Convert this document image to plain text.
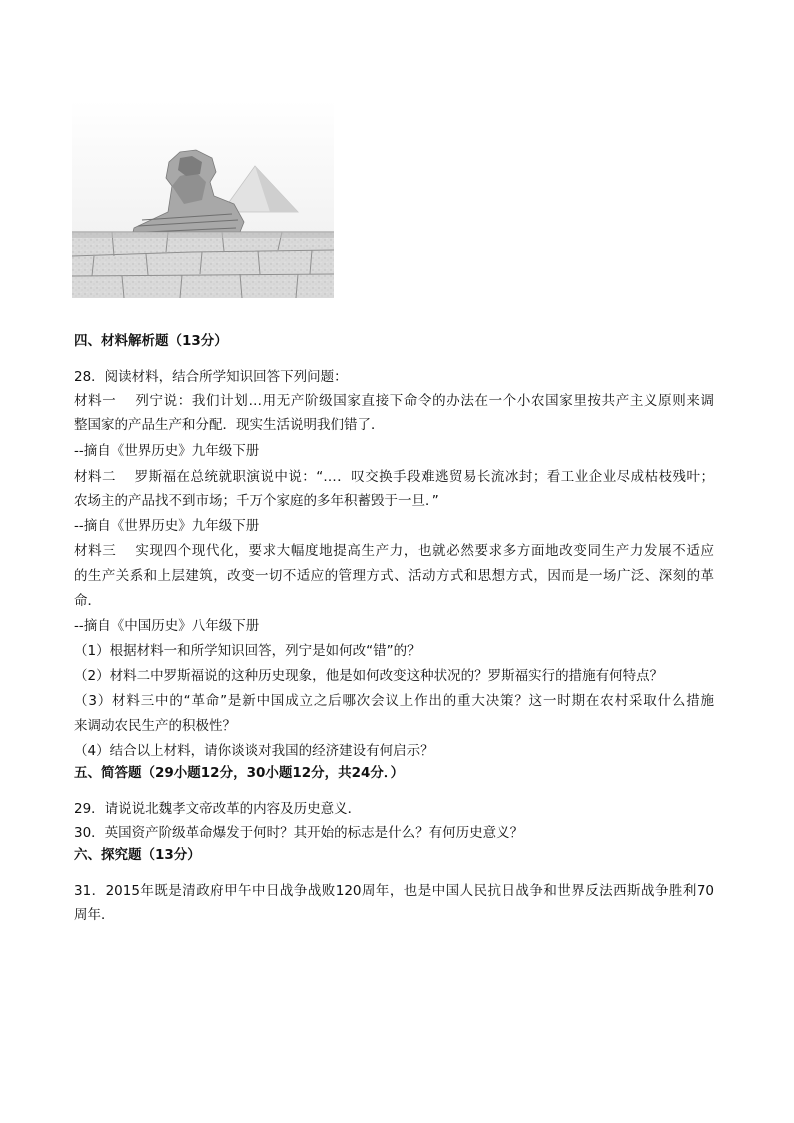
四、材料解析题（13分）
28．阅读材料，结合所学知识回答下列问题：
材料一　 列宁说：我们计划…用无产阶级国家直接下命令的办法在一个小农国家里按共产主义原则来调
整国家的产品生产和分配．现实生活说明我们错了．
--摘自《世界历史》九年级下册
材料二　 罗斯福在总统就职演说中说：“…．叹交换手段难逃贸易长流冰封；看工业企业尽成枯枝残叶；
农场主的产品找不到市场；千万个家庭的多年积蓄毁于一旦．”
--摘自《世界历史》九年级下册
材料三　 实现四个现代化，要求大幅度地提高生产力，也就必然要求多方面地改变同生产力发展不适应
的生产关系和上层建筑，改变一切不适应的管理方式、活动方式和思想方式，因而是一场广泛、深刻的革
命．
--摘自《中国历史》八年级下册
（1）根据材料一和所学知识回答，列宁是如何改“错”的？
（2）材料二中罗斯福说的这种历史现象，他是如何改变这种状况的？罗斯福实行的措施有何特点？
（3）材料三中的“革命”是新中国成立之后哪次会议上作出的重大决策？这一时期在农村采取什么措施
来调动农民生产的积极性？
（4）结合以上材料，请你谈谈对我国的经济建设有何启示？
五、简答题（29小题12分，30小题12分，共24分．）
29．请说说北魏孝文帝改革的内容及历史意义．
30．英国资产阶级革命爆发于何时？其开始的标志是什么？有何历史意义？
六、探究题（13分）
31．2015年既是清政府甲午中日战争战败120周年，也是中国人民抗日战争和世界反法西斯战争胜利70
周年．
